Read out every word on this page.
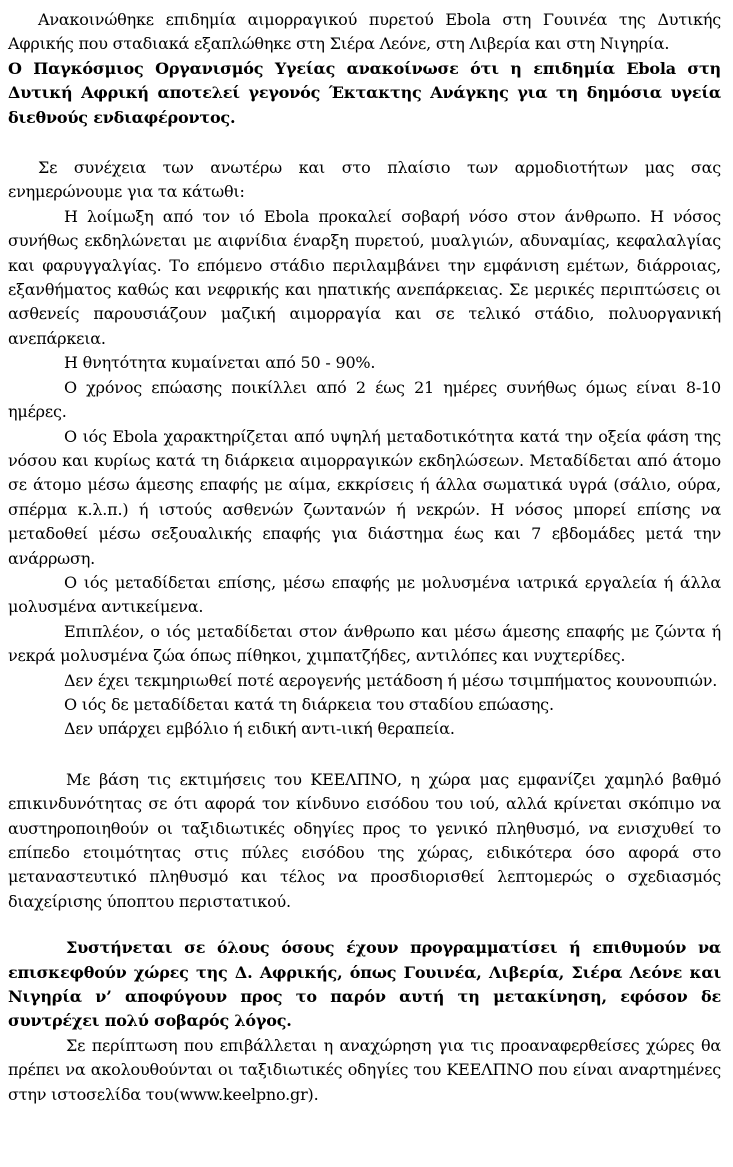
Ανακοινώθηκε επιδημία αιμορραγικού πυρετού Ebola στη Γουινέα της Δυτικής Αφρικής που σταδιακά εξαπλώθηκε στη Σιέρα Λεόνε, στη Λιβερία και στη Νιγηρία.

Ο Παγκόσμιος Οργανισμός Υγείας ανακοίνωσε ότι η επιδημία Ebola στη Δυτική Αφρική αποτελεί γεγονός Έκτακτης Ανάγκης για τη δημόσια υγεία διεθνούς ενδιαφέροντος.

Σε συνέχεια των ανωτέρω και στο πλαίσιο των αρμοδιοτήτων μας σας ενημερώνουμε για τα κάτωθι:

Η λοίμωξη από τον ιό Ebola προκαλεί σοβαρή νόσο στον άνθρωπο. Η νόσος συνήθως εκδηλώνεται με αιφνίδια έναρξη πυρετού, μυαλγιών, αδυναμίας, κεφαλαλγίας και φαρυγγαλγίας. Το επόμενο στάδιο περιλαμβάνει την εμφάνιση εμέτων, διάρροιας, εξανθήματος καθώς και νεφρικής και ηπατικής ανεπάρκειας. Σε μερικές περιπτώσεις οι ασθενείς παρουσιάζουν μαζική αιμορραγία και σε τελικό στάδιο, πολυοργανική ανεπάρκεια.

Η θνητότητα κυμαίνεται από 50 - 90%.

Ο χρόνος επώασης ποικίλλει από 2 έως 21 ημέρες συνήθως όμως είναι 8-10 ημέρες.

Ο ιός Ebola χαρακτηρίζεται από υψηλή μεταδοτικότητα κατά την οξεία φάση της νόσου και κυρίως κατά τη διάρκεια αιμορραγικών εκδηλώσεων. Μεταδίδεται από άτομο σε άτομο μέσω άμεσης επαφής με αίμα, εκκρίσεις ή άλλα σωματικά υγρά (σάλιο, ούρα, σπέρμα κ.λ.π.) ή ιστούς ασθενών ζωντανών ή νεκρών. Η νόσος μπορεί επίσης να μεταδοθεί μέσω σεξουαλικής επαφής για διάστημα έως και 7 εβδομάδες μετά την ανάρρωση.

Ο ιός μεταδίδεται επίσης, μέσω επαφής με μολυσμένα ιατρικά εργαλεία ή άλλα μολυσμένα αντικείμενα.

Επιπλέον, ο ιός μεταδίδεται στον άνθρωπο και μέσω άμεσης επαφής με ζώντα ή νεκρά μολυσμένα ζώα όπως πίθηκοι, χιμπατζήδες, αντιλόπες και νυχτερίδες.

Δεν έχει τεκμηριωθεί ποτέ αερογενής μετάδοση ή μέσω τσιμπήματος κουνουπιών.

Ο ιός δε μεταδίδεται κατά τη διάρκεια του σταδίου επώασης.

Δεν υπάρχει εμβόλιο ή ειδική αντι-ιική θεραπεία.

Με βάση τις εκτιμήσεις του ΚΕΕΛΠΝΟ, η χώρα μας εμφανίζει χαμηλό βαθμό επικινδυνότητας σε ότι αφορά τον κίνδυνο εισόδου του ιού, αλλά κρίνεται σκόπιμο να αυστηροποιηθούν οι ταξιδιωτικές οδηγίες προς το γενικό πληθυσμό, να ενισχυθεί το επίπεδο ετοιμότητας στις πύλες εισόδου της χώρας, ειδικότερα όσο αφορά στο μεταναστευτικό πληθυσμό και τέλος να προσδιορισθεί λεπτομερώς ο σχεδιασμός διαχείρισης ύποπτου περιστατικού.

Συστήνεται σε όλους όσους έχουν προγραμματίσει ή επιθυμούν να επισκεφθούν χώρες της Δ. Αφρικής, όπως Γουινέα, Λιβερία, Σιέρα Λεόνε και Νιγηρία ν’ αποφύγουν προς το παρόν αυτή τη μετακίνηση, εφόσον δε συντρέχει πολύ σοβαρός λόγος.

Σε περίπτωση που επιβάλλεται η αναχώρηση για τις προαναφερθείσες χώρες θα πρέπει να ακολουθούνται οι ταξιδιωτικές οδηγίες του ΚΕΕΛΠΝΟ που είναι αναρτημένες στην ιστοσελίδα του(www.keelpno.gr).
